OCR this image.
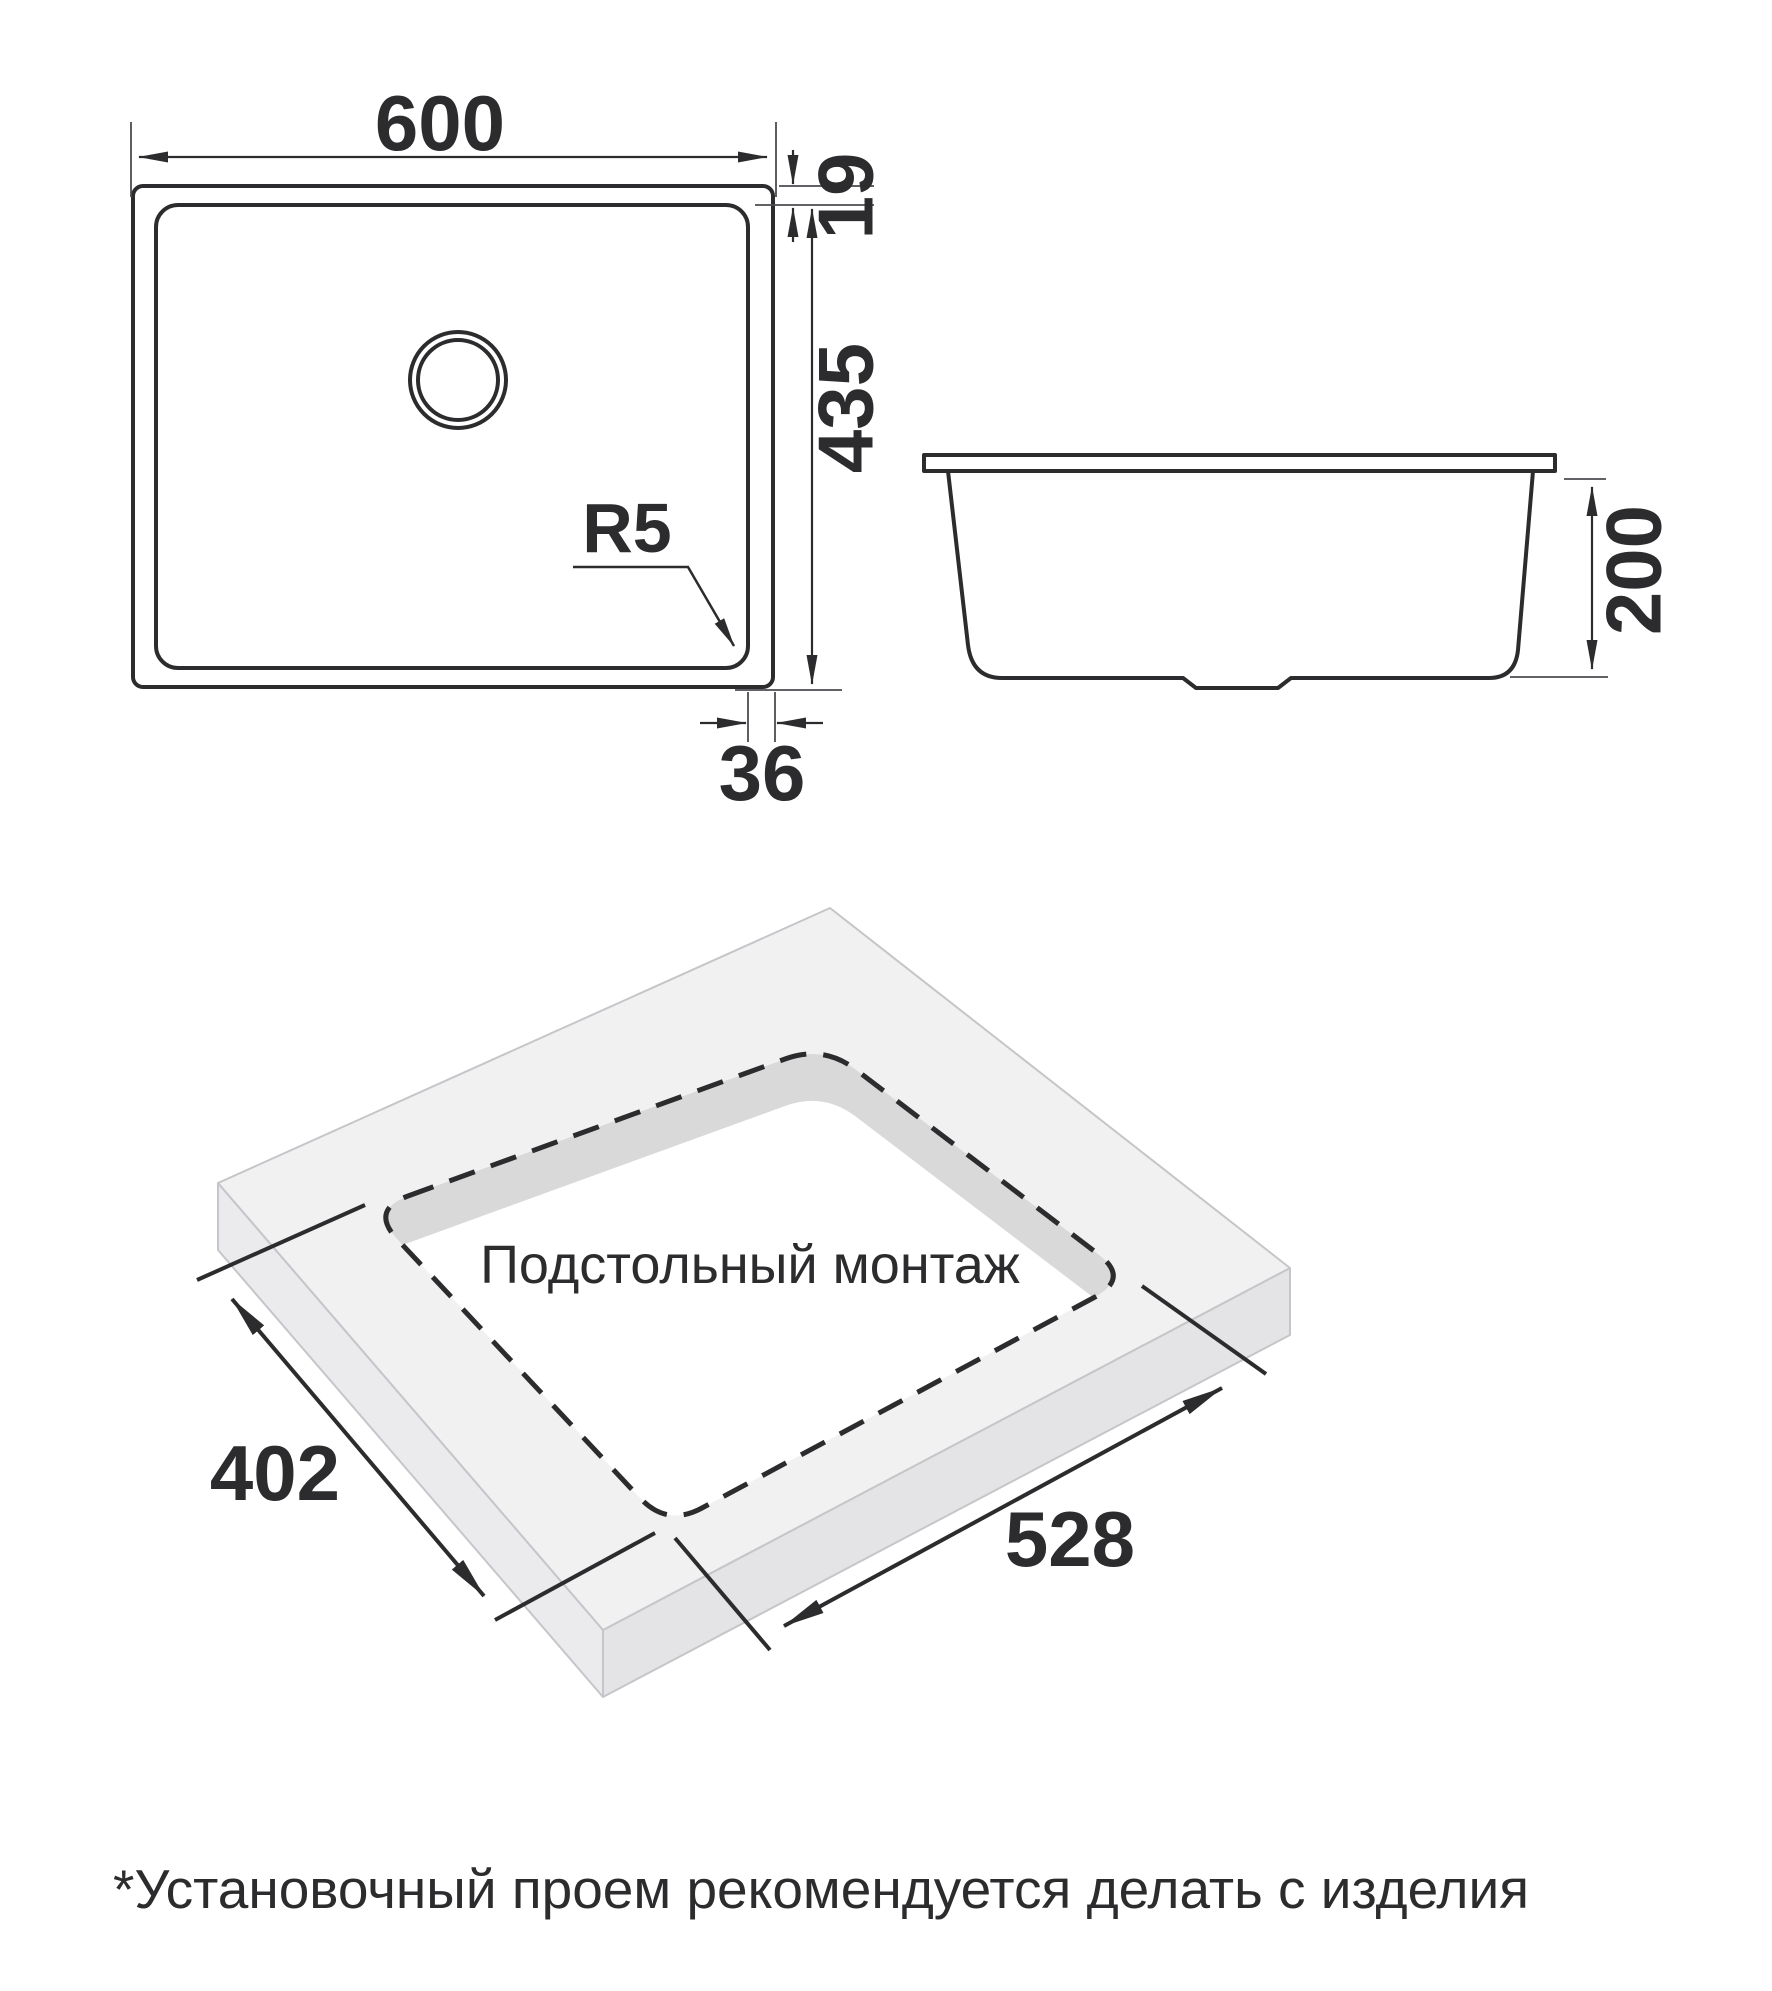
600
19
435
R5
36
200
Подстольный монтаж
402
528
*Установочный проем рекомендуется делать с изделия
